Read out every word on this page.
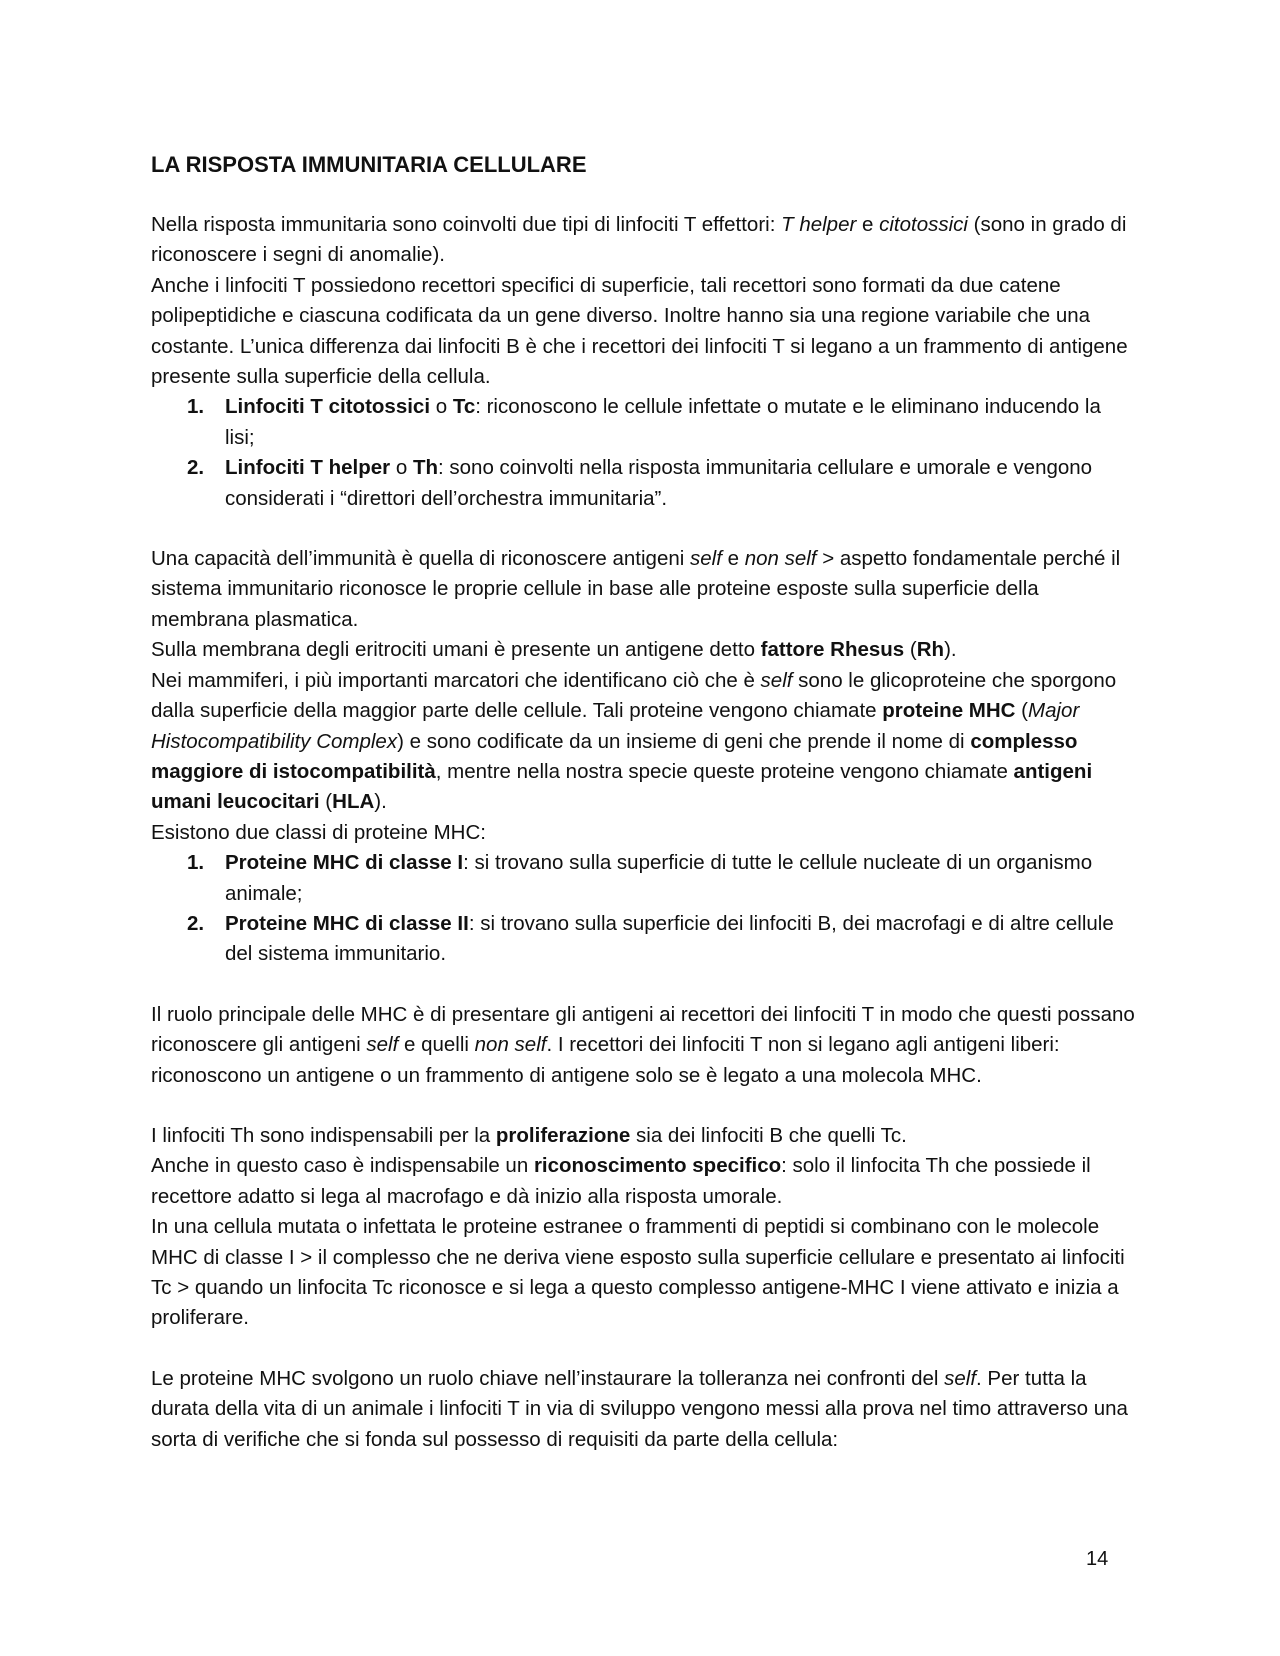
LA RISPOSTA IMMUNITARIA CELLULARE

Nella risposta immunitaria sono coinvolti due tipi di linfociti T effettori: T helper e citotossici (sono in grado di riconoscere i segni di anomalie).

Anche i linfociti T possiedono recettori specifici di superficie, tali recettori sono formati da due catene polipeptidiche e ciascuna codificata da un gene diverso. Inoltre hanno sia una regione variabile che una costante. L’unica differenza dai linfociti B è che i recettori dei linfociti T si legano a un frammento di antigene presente sulla superficie della cellula.

1. Linfociti T citotossici o Tc: riconoscono le cellule infettate o mutate e le eliminano inducendo la lisi;
2. Linfociti T helper o Th: sono coinvolti nella risposta immunitaria cellulare e umorale e vengono considerati i “direttori dell’orchestra immunitaria”.

Una capacità dell’immunità è quella di riconoscere antigeni self e non self > aspetto fondamentale perché il sistema immunitario riconosce le proprie cellule in base alle proteine esposte sulla superficie della membrana plasmatica.

Sulla membrana degli eritrociti umani è presente un antigene detto fattore Rhesus (Rh).

Nei mammiferi, i più importanti marcatori che identificano ciò che è self sono le glicoproteine che sporgono dalla superficie della maggior parte delle cellule. Tali proteine vengono chiamate proteine MHC (Major Histocompatibility Complex) e sono codificate da un insieme di geni che prende il nome di complesso maggiore di istocompatibilità, mentre nella nostra specie queste proteine vengono chiamate antigeni umani leucocitari (HLA).

Esistono due classi di proteine MHC:

1. Proteine MHC di classe I: si trovano sulla superficie di tutte le cellule nucleate di un organismo animale;
2. Proteine MHC di classe II: si trovano sulla superficie dei linfociti B, dei macrofagi e di altre cellule del sistema immunitario.

Il ruolo principale delle MHC è di presentare gli antigeni ai recettori dei linfociti T in modo che questi possano riconoscere gli antigeni self e quelli non self. I recettori dei linfociti T non si legano agli antigeni liberi: riconoscono un antigene o un frammento di antigene solo se è legato a una molecola MHC.

I linfociti Th sono indispensabili per la proliferazione sia dei linfociti B che quelli Tc.

Anche in questo caso è indispensabile un riconoscimento specifico: solo il linfocita Th che possiede il recettore adatto si lega al macrofago e dà inizio alla risposta umorale.

In una cellula mutata o infettata le proteine estranee o frammenti di peptidi si combinano con le molecole MHC di classe I > il complesso che ne deriva viene esposto sulla superficie cellulare e presentato ai linfociti Tc > quando un linfocita Tc riconosce e si lega a questo complesso antigene-MHC I viene attivato e inizia a proliferare.

Le proteine MHC svolgono un ruolo chiave nell’instaurare la tolleranza nei confronti del self. Per tutta la durata della vita di un animale i linfociti T in via di sviluppo vengono messi alla prova nel timo attraverso una sorta di verifiche che si fonda sul possesso di requisiti da parte della cellula:

14
